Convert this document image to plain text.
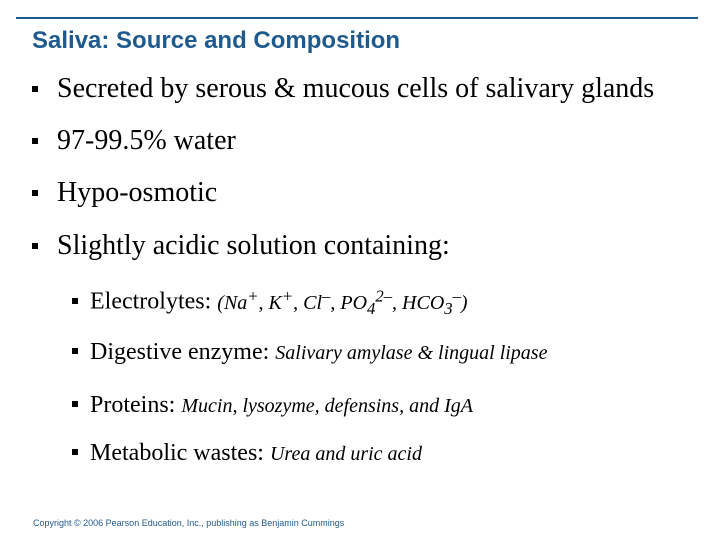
Saliva: Source and Composition
Secreted by serous & mucous cells of salivary glands
97-99.5% water
Hypo-osmotic
Slightly acidic solution containing:
Electrolytes: (Na+, K+, Cl–, $PO_4^{2-}$, $HCO_3^-$)
Digestive enzyme: Salivary amylase & lingual lipase
Proteins: Mucin, lysozyme, defensins, and IgA
Metabolic wastes: Urea and uric acid
Copyright © 2006 Pearson Education, Inc., publishing as Benjamin Cummings
